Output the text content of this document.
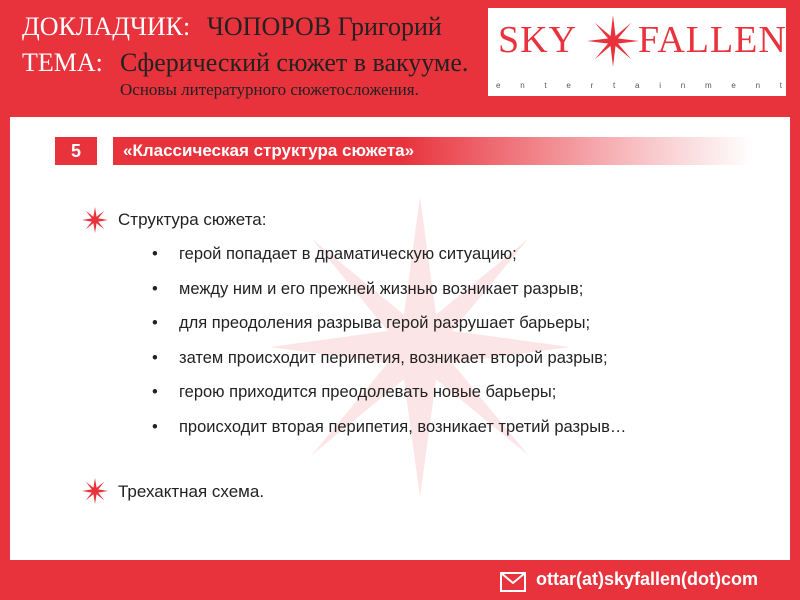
ДОКЛАДЧИК: ЧОПОРОВ Григорий
ТЕМА: Сферический сюжет в вакууме.
Основы литературного сюжетосложения.
SKY FALLEN
e n t e r t a i n m e n t
5	«Классическая структура сюжета»
Структура сюжета:
• герой попадает в драматическую ситуацию;
• между ним и его прежней жизнью возникает разрыв;
• для преодоления разрыва герой разрушает барьеры;
• затем происходит перипетия, возникает второй разрыв;
• герою приходится преодолевать новые барьеры;
• происходит вторая перипетия, возникает третий разрыв…
Трехактная схема.
ottar(at)skyfallen(dot)com
